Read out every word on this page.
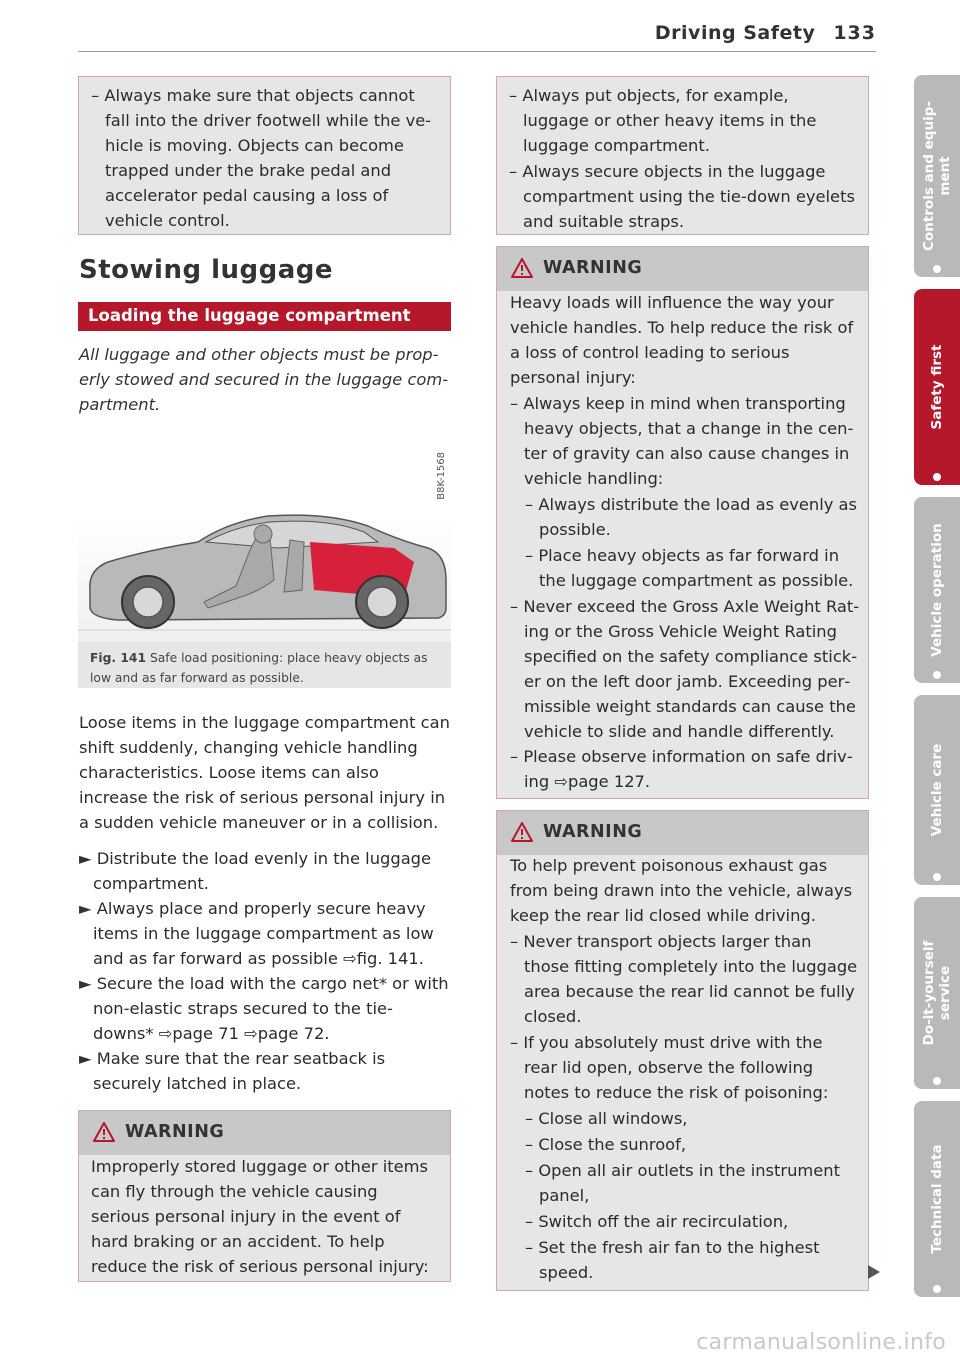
Driving Safety 133
– Always make sure that objects cannot fall into the driver footwell while the vehicle is moving. Objects can become trapped under the brake pedal and accelerator pedal causing a loss of vehicle control.
Stowing luggage
Loading the luggage compartment
All luggage and other objects must be properly stowed and secured in the luggage compartment.
B8K-1568
Fig. 141 Safe load positioning: place heavy objects as low and as far forward as possible.
Loose items in the luggage compartment can shift suddenly, changing vehicle handling characteristics. Loose items can also increase the risk of serious personal injury in a sudden vehicle maneuver or in a collision.
► Distribute the load evenly in the luggage compartment.
► Always place and properly secure heavy items in the luggage compartment as low and as far forward as possible ⇨fig. 141.
► Secure the load with the cargo net* or with non-elastic straps secured to the tie-downs* ⇨page 71 ⇨page 72.
► Make sure that the rear seatback is securely latched in place.
WARNING
Improperly stored luggage or other items can fly through the vehicle causing serious personal injury in the event of hard braking or an accident. To help reduce the risk of serious personal injury:
– Always put objects, for example, luggage or other heavy items in the luggage compartment.
– Always secure objects in the luggage compartment using the tie-down eyelets and suitable straps.
WARNING
Heavy loads will influence the way your vehicle handles. To help reduce the risk of a loss of control leading to serious personal injury:
– Always keep in mind when transporting heavy objects, that a change in the center of gravity can also cause changes in vehicle handling:
– Always distribute the load as evenly as possible.
– Place heavy objects as far forward in the luggage compartment as possible.
– Never exceed the Gross Axle Weight Rating or the Gross Vehicle Weight Rating specified on the safety compliance sticker on the left door jamb. Exceeding permissible weight standards can cause the vehicle to slide and handle differently.
– Please observe information on safe driving ⇨page 127.
WARNING
To help prevent poisonous exhaust gas from being drawn into the vehicle, always keep the rear lid closed while driving.
– Never transport objects larger than those fitting completely into the luggage area because the rear lid cannot be fully closed.
– If you absolutely must drive with the rear lid open, observe the following notes to reduce the risk of poisoning:
– Close all windows,
– Close the sunroof,
– Open all air outlets in the instrument panel,
– Switch off the air recirculation,
– Set the fresh air fan to the highest speed.
Controls and equip-
ment
Safety first
Vehicle operation
Vehicle care
Do-it-yourself
service
Technical data
carmanualsonline.info
